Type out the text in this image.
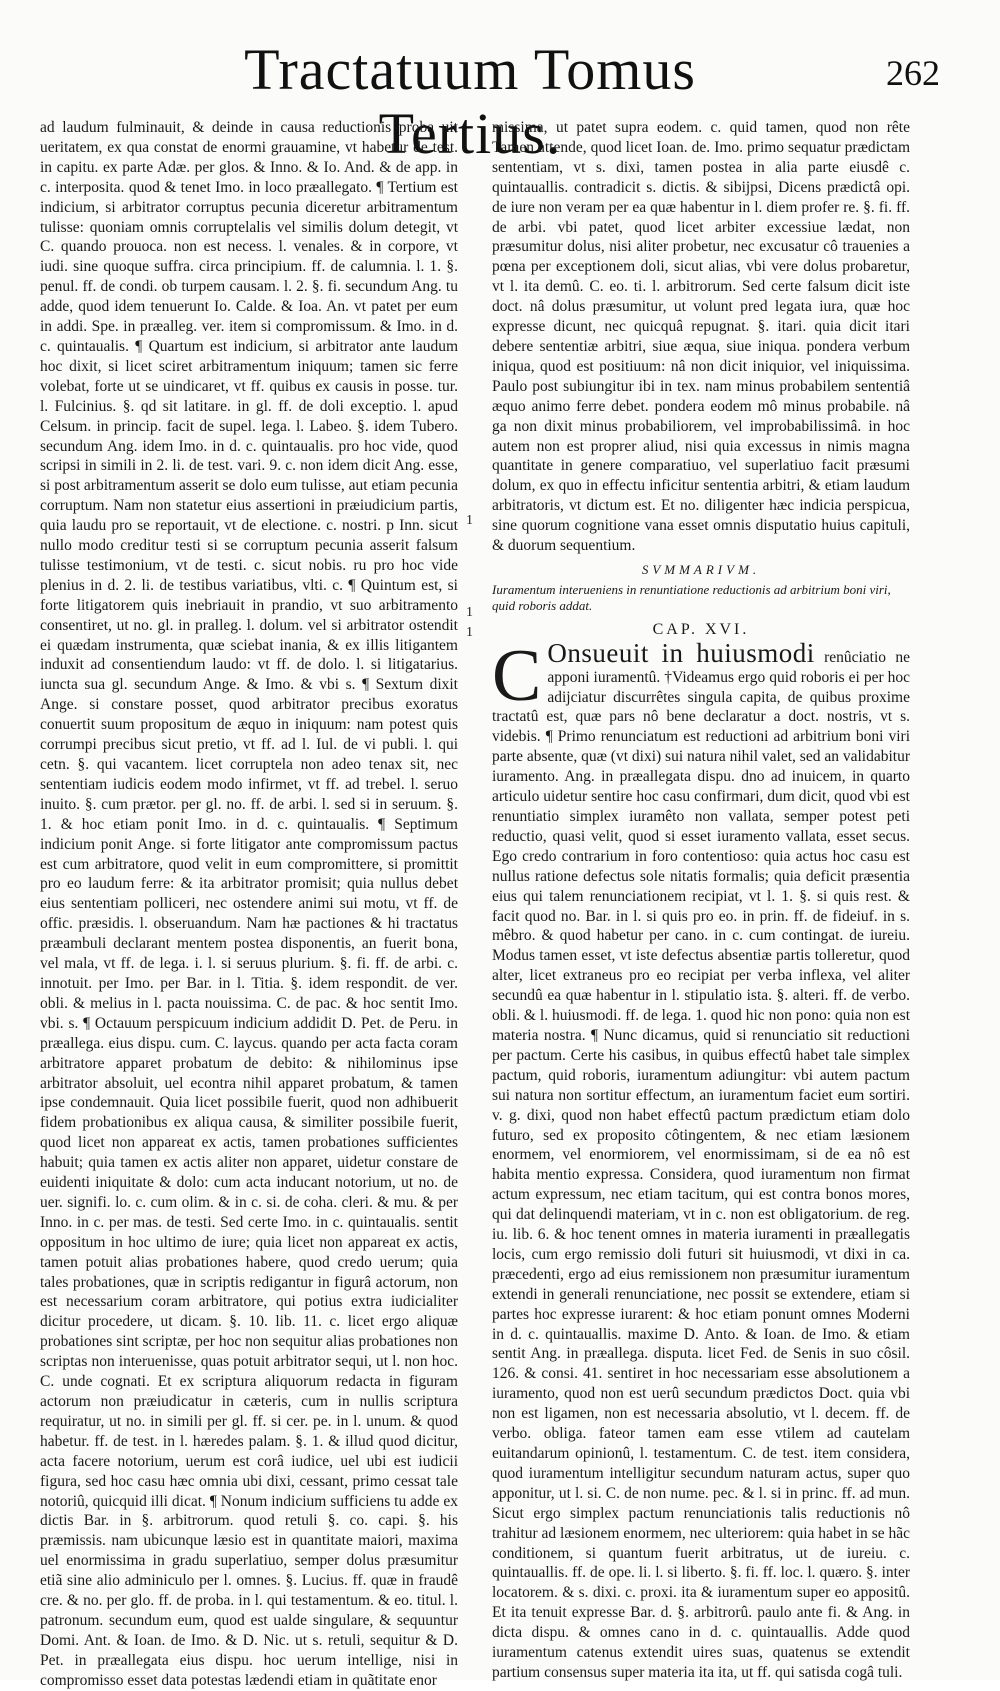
Tractatuum Tomus Tertius.
262

ad laudum fulminauit, & deinde in causa reductionis proba uit ueritatem, ex qua constat de enormi grauamine, vt habetur de test. in capitu. ex parte Adæ. per glos. & Inno. & Io. And. & de app. in c. interposita. quod & tenet Imo. in loco præallegato. ¶ Tertium est indicium, si arbitrator corruptus pecunia diceretur arbitramentum tulisse: quoniam omnis corruptelalis vel similis dolum detegit, vt C. quando prouoca. non est necess. l. venales. & in corpore, vt iudi. sine quoque suffra. circa principium. ff. de calumnia. l. 1. §. penul. ff. de condi. ob turpem causam. l. 2. §. fi. secundum Ang. tu adde, quod idem tenuerunt Io. Calde. & Ioa. An. vt patet per eum in addi. Spe. in præalleg. ver. item si compromissum. & Imo. in d. c. quintaualis. ¶ Quartum est indicium, si arbitrator ante laudum hoc dixit, si licet sciret arbitramentum iniquum; tamen sic ferre volebat, forte ut se uindicaret, vt ff. quibus ex causis in posse. tur. l. Fulcinius. §. qd sit latitare. in gl. ff. de doli exceptio. l. apud Celsum. in princip. facit de supel. lega. l. Labeo. §. idem Tubero. secundum Ang. idem Imo. in d. c. quintaualis. pro hoc vide, quod scripsi in simili in 2. li. de test. vari. 9. c. non idem dicit Ang. esse, si post arbitramentum asserit se dolo eum tulisse, aut etiam pecunia corruptum. Nam non statetur eius assertioni in præiudicium partis, quia laudu pro se reportauit, vt de electione. c. nostri. p Inn. sicut nullo modo creditur testi si se corruptum pecunia asserit falsum tulisse testimonium, vt de testi. c. sicut nobis. ru pro hoc vide plenius in d. 2. li. de testibus variatibus, vlti. c. ¶ Quintum est, si forte litigatorem quis inebriauit in prandio, vt suo arbitramento consentiret, ut no. gl. in pralleg. l. dolum. vel si arbitrator ostendit ei quædam instrumenta, quæ sciebat inania, & ex illis litigantem induxit ad consentiendum laudo: vt ff. de dolo. l. si litigatarius. iuncta sua gl. secundum Ange. & Imo. & vbi s. ¶ Sextum dixit Ange. si constare posset, quod arbitrator precibus exoratus conuertit suum propositum de æquo in iniquum: nam potest quis corrumpi precibus sicut pretio, vt ff. ad l. Iul. de vi publi. l. qui cetn. §. qui vacantem. licet corruptela non adeo tenax sit, nec sententiam iudicis eodem modo infirmet, vt ff. ad trebel. l. seruo inuito. §. cum prætor. per gl. no. ff. de arbi. l. sed si in seruum. §. 1. & hoc etiam ponit Imo. in d. c. quintaualis. ¶ Septimum indicium ponit Ange. si forte litigator ante compromissum pactus est cum arbitratore, quod velit in eum compromittere, si promittit pro eo laudum ferre: & ita arbitrator promisit; quia nullus debet eius sententiam polliceri, nec ostendere animi sui motu, vt ff. de offic. præsidis. l. obseruandum. Nam hæ pactiones & hi tractatus præambuli declarant mentem postea disponentis, an fuerit bona, vel mala, vt ff. de lega. i. l. si seruus plurium. §. fi. ff. de arbi. c. innotuit. per Imo. per Bar. in l. Titia. §. idem respondit. de ver. obli. & melius in l. pacta nouissima. C. de pac. & hoc sentit Imo. vbi. s. ¶ Octauum perspicuum indicium addidit D. Pet. de Peru. in præallega. eius dispu. cum. C. laycus. quando per acta facta coram arbitratore apparet probatum de debito: & nihilominus ipse arbitrator absoluit, uel econtra nihil apparet probatum, & tamen ipse condemnauit. Quia licet possibile fuerit, quod non adhibuerit fidem probationibus ex aliqua causa, & similiter possibile fuerit, quod licet non appareat ex actis, tamen probationes sufficientes habuit; quia tamen ex actis aliter non apparet, uidetur constare de euidenti iniquitate & dolo: cum acta inducant notorium, ut no. de uer. signifi. lo. c. cum olim. & in c. si. de coha. cleri. & mu. & per Inno. in c. per mas. de testi. Sed certe Imo. in c. quintaualis. sentit oppositum in hoc ultimo de iure; quia licet non appareat ex actis, tamen potuit alias probationes habere, quod credo uerum; quia tales probationes, quæ in scriptis redigantur in figurâ actorum, non est necessarium coram arbitratore, qui potius extra iudicialiter dicitur procedere, ut dicam. §. 10. lib. 11. c. licet ergo aliquæ probationes sint scriptæ, per hoc non sequitur alias probationes non scriptas non interuenisse, quas potuit arbitrator sequi, ut l. non hoc. C. unde cognati. Et ex scriptura aliquorum redacta in figuram actorum non præiudicatur in cæteris, cum in nullis scriptura requiratur, ut no. in simili per gl. ff. si cer. pe. in l. unum. & quod habetur. ff. de test. in l. hæredes palam. §. 1. & illud quod dicitur, acta facere notorium, uerum est corâ iudice, uel ubi est iudicii figura, sed hoc casu hæc omnia ubi dixi, cessant, primo cessat tale notoriû, quicquid illi dicat. ¶ Nonum indicium sufficiens tu adde ex dictis Bar. in §. arbitrorum. quod retuli §. co. capi. §. his præmissis. nam ubicunque læsio est in quantitate maiori, maxima uel enormissima in gradu superlatiuo, semper dolus præsumitur etiã sine alio adminiculo per l. omnes. §. Lucius. ff. quæ in fraudê cre. & no. per glo. ff. de proba. in l. qui testamentum. & eo. titul. l. patronum. secundum eum, quod est ualde singulare, & sequuntur Domi. Ant. & Ioan. de Imo. & D. Nic. ut s. retuli, sequitur & D. Pet. in præallegata eius dispu. hoc uerum intellige, nisi in compromisso esset data potestas lædendi etiam in quãtitate enor

1
1
1

missima, ut patet supra eodem. c. quid tamen, quod non rête Tamen attende, quod licet Ioan. de. Imo. primo sequatur prædictam sententiam, vt s. dixi, tamen postea in alia parte eiusdê c. quintauallis. contradicit s. dictis. & sibijpsi, Dicens prædictâ opi. de iure non veram per ea quæ habentur in l. diem profer re. §. fi. ff. de arbi. vbi patet, quod licet arbiter excessiue lædat, non præsumitur dolus, nisi aliter probetur, nec excusatur cô trauenies a pœna per exceptionem doli, sicut alias, vbi vere dolus probaretur, vt l. ita demû. C. eo. ti. l. arbitrorum. Sed certe falsum dicit iste doct. nâ dolus præsumitur, ut volunt pred legata iura, quæ hoc expresse dicunt, nec quicquâ repugnat. §. itari. quia dicit itari debere sententiæ arbitri, siue æqua, siue iniqua. pondera verbum iniqua, quod est positiuum: nâ non dicit iniquior, vel iniquissima. Paulo post subiungitur ibi in tex. nam minus probabilem sententiâ æquo animo ferre debet. pondera eodem mô minus probabile. nâ ga non dixit minus probabiliorem, vel improbabilissimâ. in hoc autem non est proprer aliud, nisi quia excessus in nimis magna quantitate in genere comparatiuo, vel superlatiuo facit præsumi dolum, ex quo in effectu inficitur sententia arbitri, & etiam laudum arbitratoris, vt dictum est. Et no. diligenter hæc indicia perspicua, sine quorum cognitione vana esset omnis disputatio huius capituli, & duorum sequentium.

SVMMARIVM.
Iuramentum interueniens in renuntiatione reductionis ad arbitrium boni viri, quid roboris addat.
CAP. XVI.

C Onsueuit in huiusmodi renûciatio ne apponi iuramentû. †Videamus ergo quid roboris ei per hoc adijciatur discurrêtes singula capita, de quibus proxime tractatû est, quæ pars nô bene declaratur a doct. nostris, vt s. videbis. ¶ Primo renunciatum est reductioni ad arbitrium boni viri parte absente, quæ (vt dixi) sui natura nihil valet, sed an validabitur iuramento. Ang. in præallegata dispu. dno ad inuicem, in quarto articulo uidetur sentire hoc casu confirmari, dum dicit, quod vbi est renuntiatio simplex iuramêto non vallata, semper potest peti reductio, quasi velit, quod si esset iuramento vallata, esset secus. Ego credo contrarium in foro contentioso: quia actus hoc casu est nullus ratione defectus sole nitatis formalis; quia deficit præsentia eius qui talem renunciationem recipiat, vt l. 1. §. si quis rest. & facit quod no. Bar. in l. si quis pro eo. in prin. ff. de fideiuf. in s. mêbro. & quod habetur per cano. in c. cum contingat. de iureiu. Modus tamen esset, vt iste defectus absentiæ partis tolleretur, quod alter, licet extraneus pro eo recipiat per verba inflexa, vel aliter secundû ea quæ habentur in l. stipulatio ista. §. alteri. ff. de verbo. obli. & l. huiusmodi. ff. de lega. 1. quod hic non pono: quia non est materia nostra. ¶ Nunc dicamus, quid si renunciatio sit reductioni per pactum. Certe his casibus, in quibus effectû habet tale simplex pactum, quid roboris, iuramentum adiungitur: vbi autem pactum sui natura non sortitur effectum, an iuramentum faciet eum sortiri. v. g. dixi, quod non habet effectû pactum prædictum etiam dolo futuro, sed ex proposito côtingentem, & nec etiam læsionem enormem, vel enormiorem, vel enormissimam, si de ea nô est habita mentio expressa. Considera, quod iuramentum non firmat actum expressum, nec etiam tacitum, qui est contra bonos mores, qui dat delinquendi materiam, vt in c. non est obligatorium. de reg. iu. lib. 6. & hoc tenent omnes in materia iuramenti in præallegatis locis, cum ergo remissio doli futuri sit huiusmodi, vt dixi in ca. præcedenti, ergo ad eius remissionem non præsumitur iuramentum extendi in generali renunciatione, nec possit se extendere, etiam si partes hoc expresse iurarent: & hoc etiam ponunt omnes Moderni in d. c. quintauallis. maxime D. Anto. & Ioan. de Imo. & etiam sentit Ang. in præallega. disputa. licet Fed. de Senis in suo côsil. 126. & consi. 41. sentiret in hoc necessariam esse absolutionem a iuramento, quod non est uerû secundum prædictos Doct. quia vbi non est ligamen, non est necessaria absolutio, vt l. decem. ff. de verbo. obliga. fateor tamen eam esse vtilem ad cautelam euitandarum opinionû, l. testamentum. C. de test. item considera, quod iuramentum intelligitur secundum naturam actus, super quo apponitur, ut l. si. C. de non nume. pec. & l. si in princ. ff. ad mun. Sicut ergo simplex pactum renunciationis talis reductionis nô trahitur ad læsionem enormem, nec ulteriorem: quia habet in se hãc conditionem, si quantum fuerit arbitratus, ut de iureiu. c. quintauallis. ff. de ope. li. l. si liberto. §. fi. ff. loc. l. quæro. §. inter locatorem. & s. dixi. c. proxi. ita & iuramentum super eo appositû. Et ita tenuit expresse Bar. d. §. arbitrorû. paulo ante fi. & Ang. in dicta dispu. & omnes cano in d. c. quintauallis. Adde quod iuramentum catenus extendit uires suas, quatenus se extendit partium consensus super materia ita ita, ut ff. qui satisda cogâ tuli.
